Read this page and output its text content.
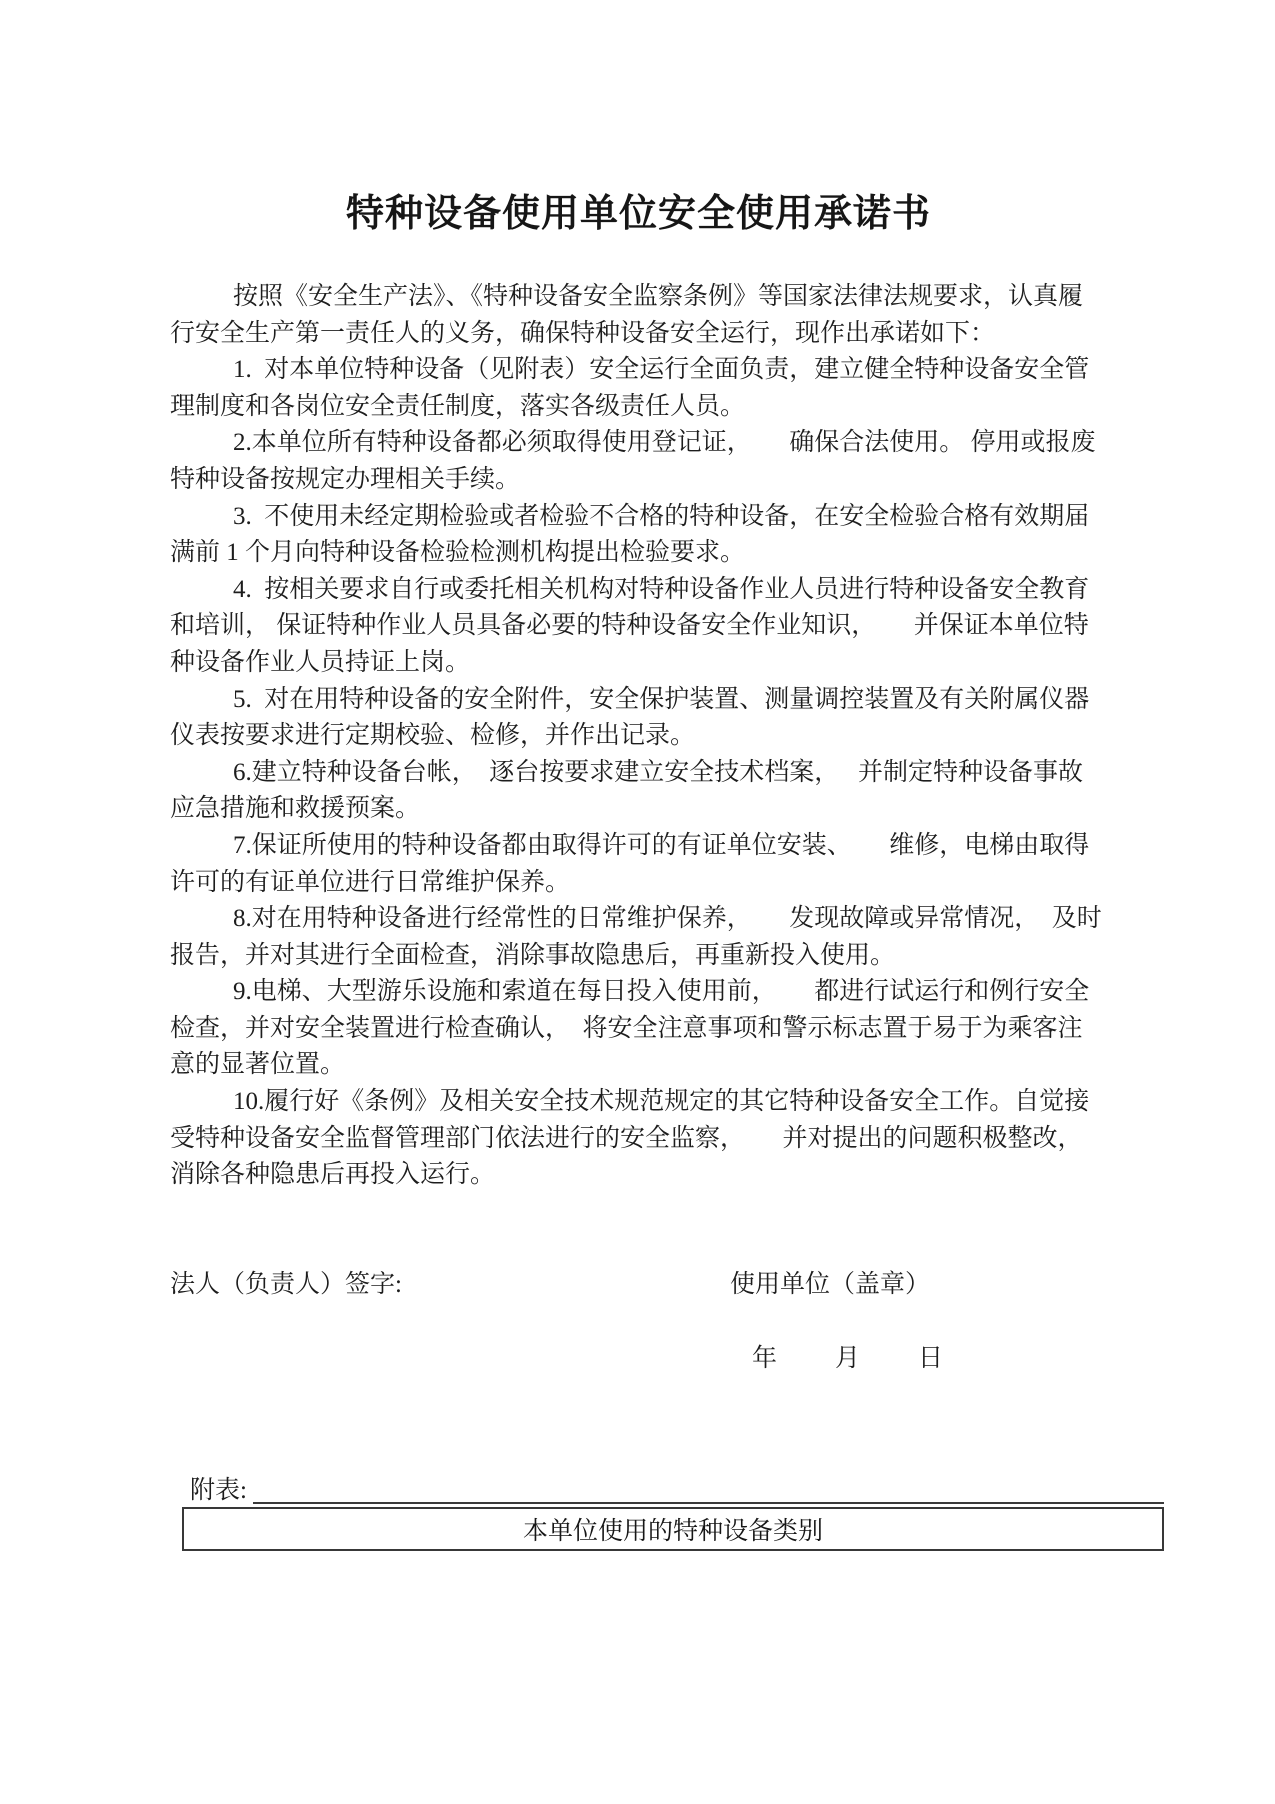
特种设备使用单位安全使用承诺书

按照《安全生产法》、《特种设备安全监察条例》等国家法律法规要求，认真履行安全生产第一责任人的义务，确保特种设备安全运行，现作出承诺如下：

1.  对本单位特种设备（见附表）安全运行全面负责，建立健全特种设备安全管理制度和各岗位安全责任制度，落实各级责任人员。

2.本单位所有特种设备都必须取得使用登记证，　　确保合法使用。 停用或报废特种设备按规定办理相关手续。

3.  不使用未经定期检验或者检验不合格的特种设备，在安全检验合格有效期届满前 1 个月向特种设备检验检测机构提出检验要求。

4.  按相关要求自行或委托相关机构对特种设备作业人员进行特种设备安全教育和培训， 保证特种作业人员具备必要的特种设备安全作业知识，　　并保证本单位特种设备作业人员持证上岗。

5.  对在用特种设备的安全附件，安全保护装置、测量调控装置及有关附属仪器仪表按要求进行定期校验、检修，并作出记录。

6.建立特种设备台帐，　逐台按要求建立安全技术档案，　 并制定特种设备事故应急措施和救援预案。

7.保证所使用的特种设备都由取得许可的有证单位安装、　　维修，电梯由取得许可的有证单位进行日常维护保养。

8.对在用特种设备进行经常性的日常维护保养，　　发现故障或异常情况，　及时报告，并对其进行全面检查，消除事故隐患后，再重新投入使用。

9.电梯、大型游乐设施和索道在每日投入使用前，　　都进行试运行和例行安全检查，并对安全装置进行检查确认，　将安全注意事项和警示标志置于易于为乘客注意的显著位置。

10.履行好《条例》及相关安全技术规范规定的其它特种设备安全工作。自觉接受特种设备安全监督管理部门依法进行的安全监察，　　并对提出的问题积极整改，消除各种隐患后再投入运行。

法人（负责人）签字:	使用单位（盖章）
年 月 日
附表:
本单位使用的特种设备类别
